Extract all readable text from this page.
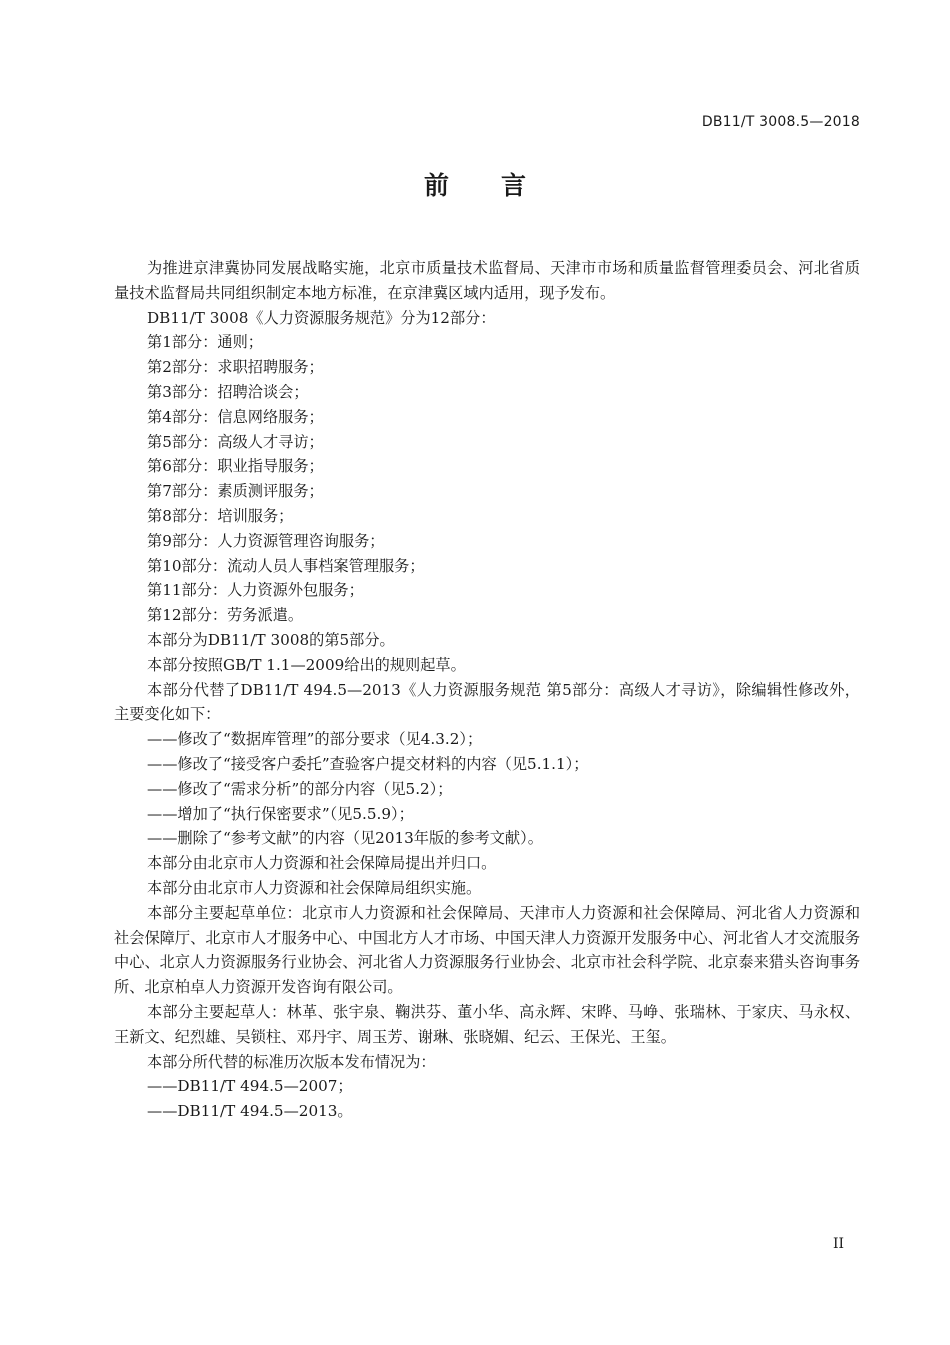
DB11/T 3008.5—2018
前 言

为推进京津冀协同发展战略实施，北京市质量技术监督局、天津市市场和质量监督管理委员会、河北省质量技术监督局共同组织制定本地方标准，在京津冀区域内适用，现予发布。

DB11/T 3008《人力资源服务规范》分为12部分：

第1部分：通则；

第2部分：求职招聘服务；

第3部分：招聘洽谈会；

第4部分：信息网络服务；

第5部分：高级人才寻访；

第6部分：职业指导服务；

第7部分：素质测评服务；

第8部分：培训服务；

第9部分：人力资源管理咨询服务；

第10部分：流动人员人事档案管理服务；

第11部分：人力资源外包服务；

第12部分：劳务派遣。

本部分为DB11/T 3008的第5部分。

本部分按照GB/T 1.1—2009给出的规则起草。

本部分代替了DB11/T 494.5—2013《人力资源服务规范 第5部分：高级人才寻访》，除编辑性修改外，主要变化如下：

——修改了“数据库管理”的部分要求（见4.3.2）；

——修改了“接受客户委托”查验客户提交材料的内容（见5.1.1）；

——修改了“需求分析”的部分内容（见5.2）；

——增加了“执行保密要求”（见5.5.9）；

——删除了“参考文献”的内容（见2013年版的参考文献）。

本部分由北京市人力资源和社会保障局提出并归口。

本部分由北京市人力资源和社会保障局组织实施。

本部分主要起草单位：北京市人力资源和社会保障局、天津市人力资源和社会保障局、河北省人力资源和社会保障厅、北京市人才服务中心、中国北方人才市场、中国天津人力资源开发服务中心、河北省人才交流服务中心、北京人力资源服务行业协会、河北省人力资源服务行业协会、北京市社会科学院、北京泰来猎头咨询事务所、北京柏卓人力资源开发咨询有限公司。

本部分主要起草人：林革、张宇泉、鞠洪芬、董小华、高永辉、宋晔、马峥、张瑞林、于家庆、马永权、王新文、纪烈雄、吴锁柱、邓丹宇、周玉芳、谢琳、张晓媚、纪云、王保光、王玺。

本部分所代替的标准历次版本发布情况为：

——DB11/T 494.5—2007；

——DB11/T 494.5—2013。

II
